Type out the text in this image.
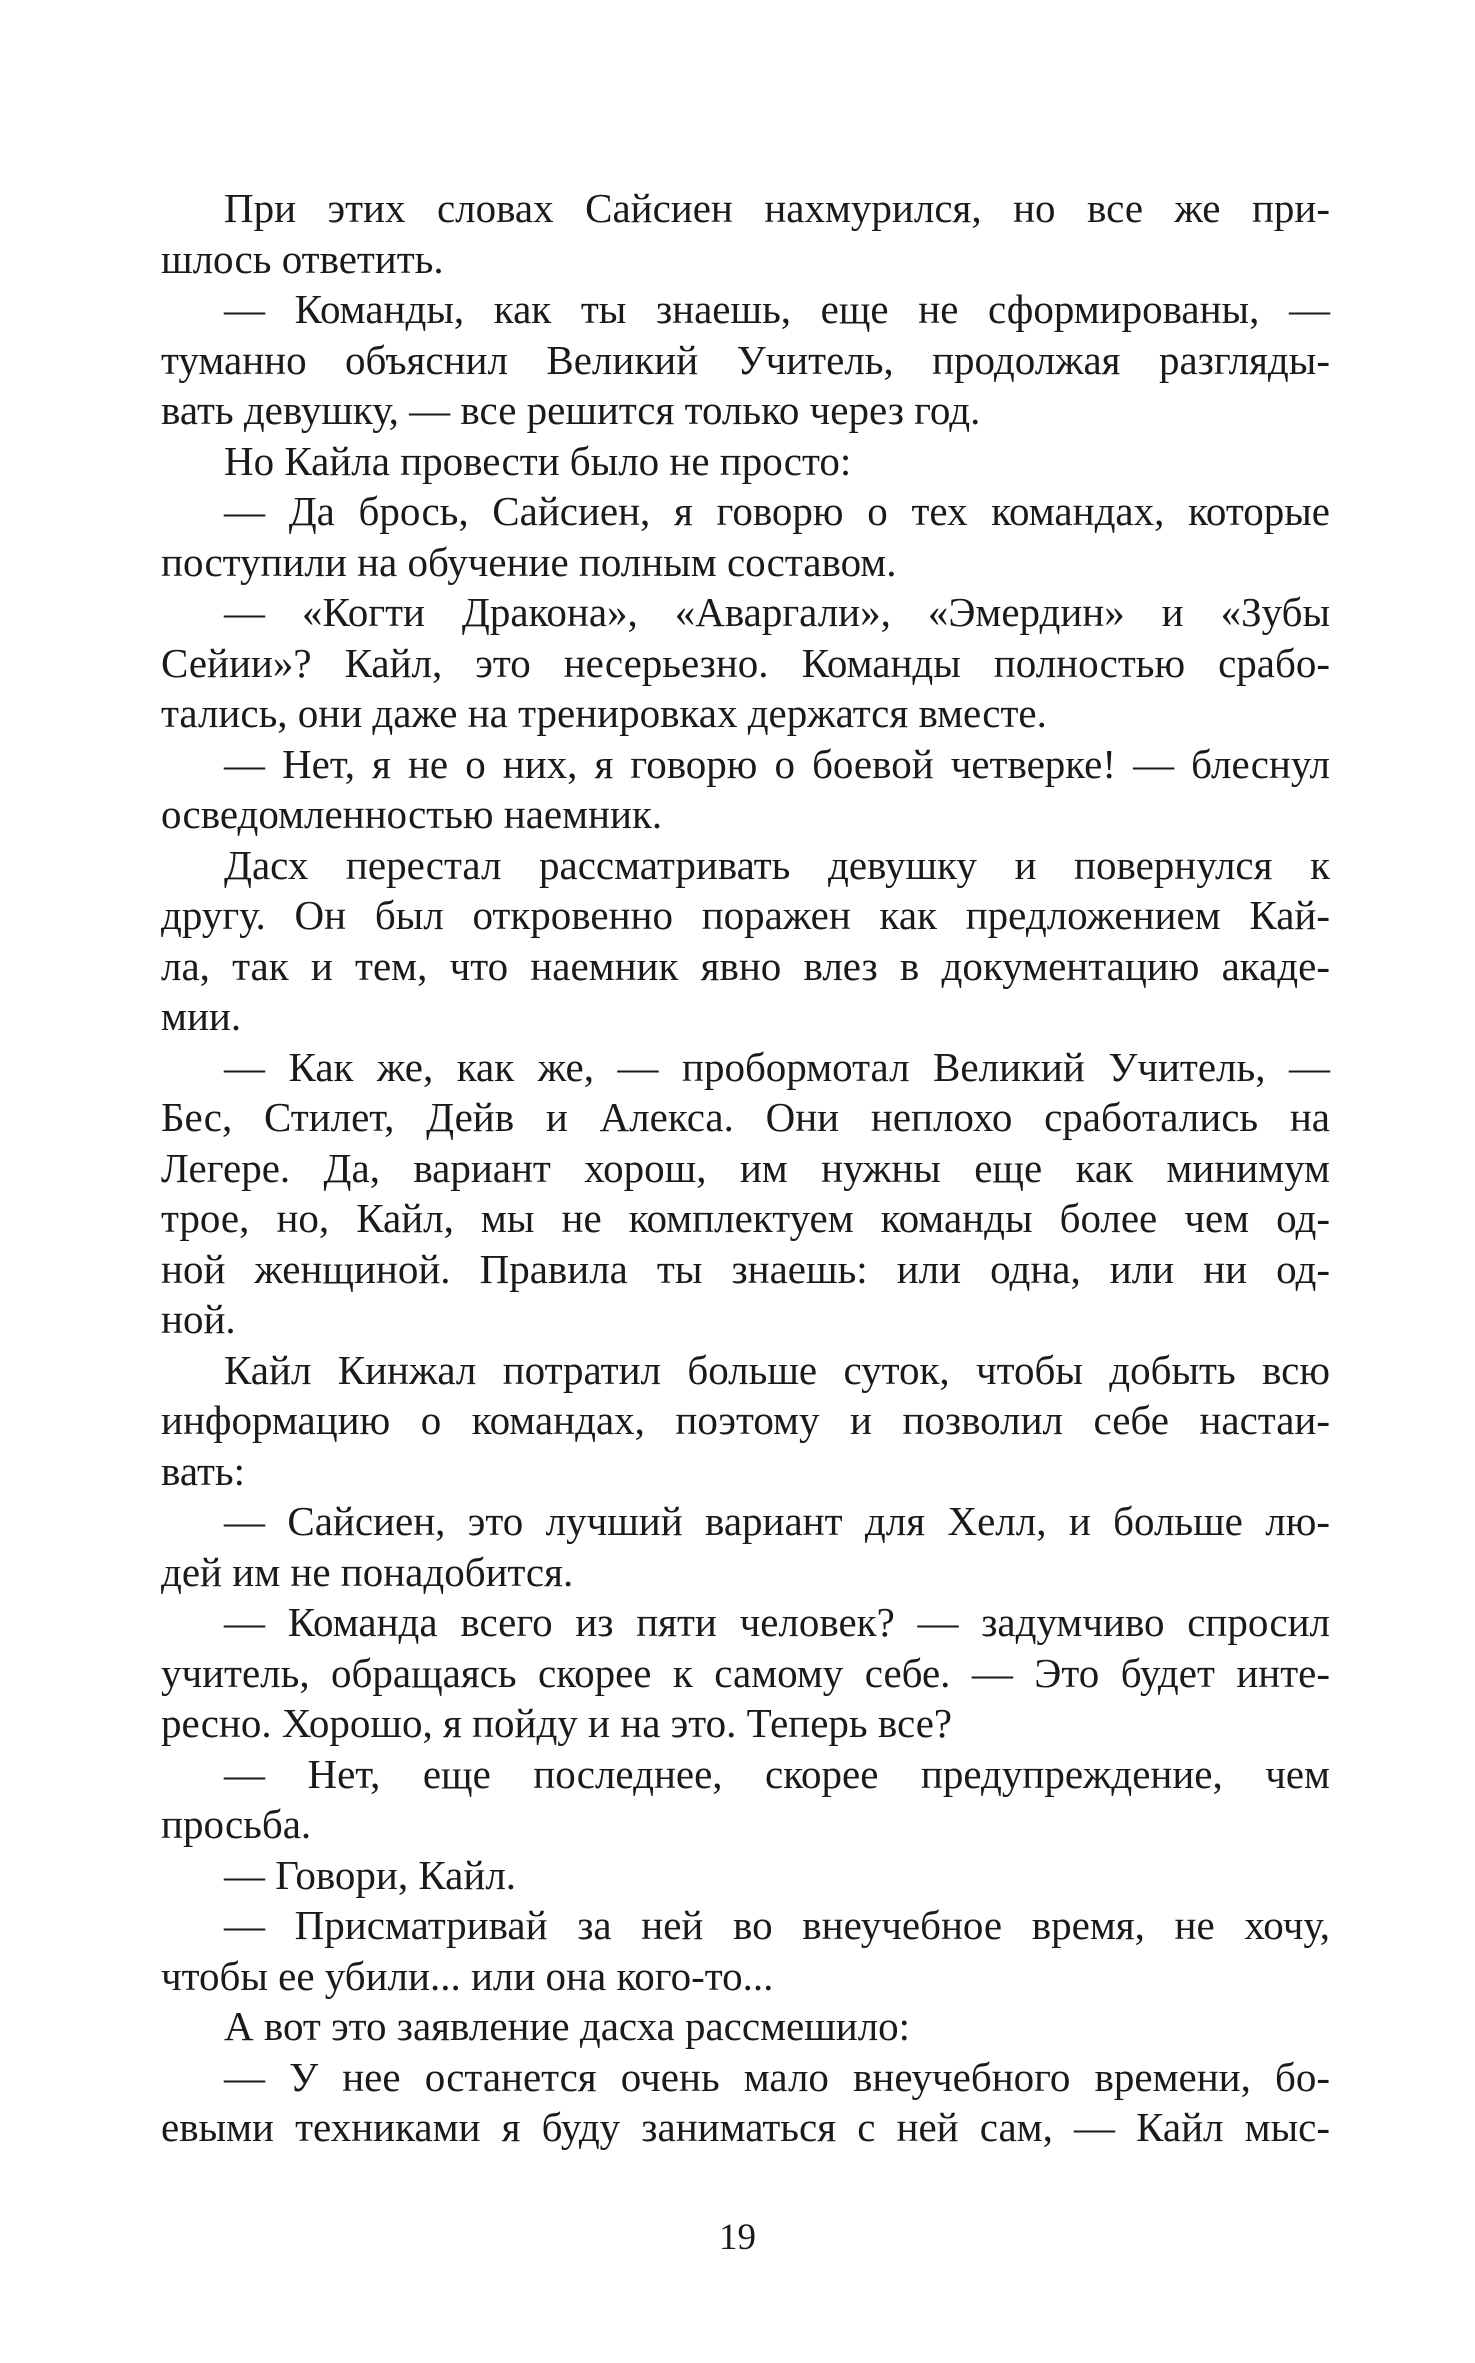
При этих словах Сайсиен нахмурился, но все же при-
шлось ответить.
— Команды, как ты знаешь, еще не сформированы, —
туманно объяснил Великий Учитель, продолжая разгляды-
вать девушку, — все решится только через год.
Но Кайла провести было не просто:
— Да брось, Сайсиен, я говорю о тех командах, которые
поступили на обучение полным составом.
— «Когти Дракона», «Аваргали», «Эмердин» и «Зубы
Сейии»? Кайл, это несерьезно. Команды полностью срабо-
тались, они даже на тренировках держатся вместе.
— Нет, я не о них, я говорю о боевой четверке! — блеснул
осведомленностью наемник.
Дасх перестал рассматривать девушку и повернулся к
другу. Он был откровенно поражен как предложением Кай-
ла, так и тем, что наемник явно влез в документацию акаде-
мии.
— Как же, как же, — пробормотал Великий Учитель, —
Бес, Стилет, Дейв и Алекса. Они неплохо сработались на
Легере. Да, вариант хорош, им нужны еще как минимум
трое, но, Кайл, мы не комплектуем команды более чем од-
ной женщиной. Правила ты знаешь: или одна, или ни од-
ной.
Кайл Кинжал потратил больше суток, чтобы добыть всю
информацию о командах, поэтому и позволил себе настаи-
вать:
— Сайсиен, это лучший вариант для Хелл, и больше лю-
дей им не понадобится.
— Команда всего из пяти человек? — задумчиво спросил
учитель, обращаясь скорее к самому себе. — Это будет инте-
ресно. Хорошо, я пойду и на это. Теперь все?
— Нет, еще последнее, скорее предупреждение, чем
просьба.
— Говори, Кайл.
— Присматривай за ней во внеучебное время, не хочу,
чтобы ее убили... или она кого-то...
А вот это заявление дасха рассмешило:
— У нее останется очень мало внеучебного времени, бо-
евыми техниками я буду заниматься с ней сам, — Кайл мыс-
19
